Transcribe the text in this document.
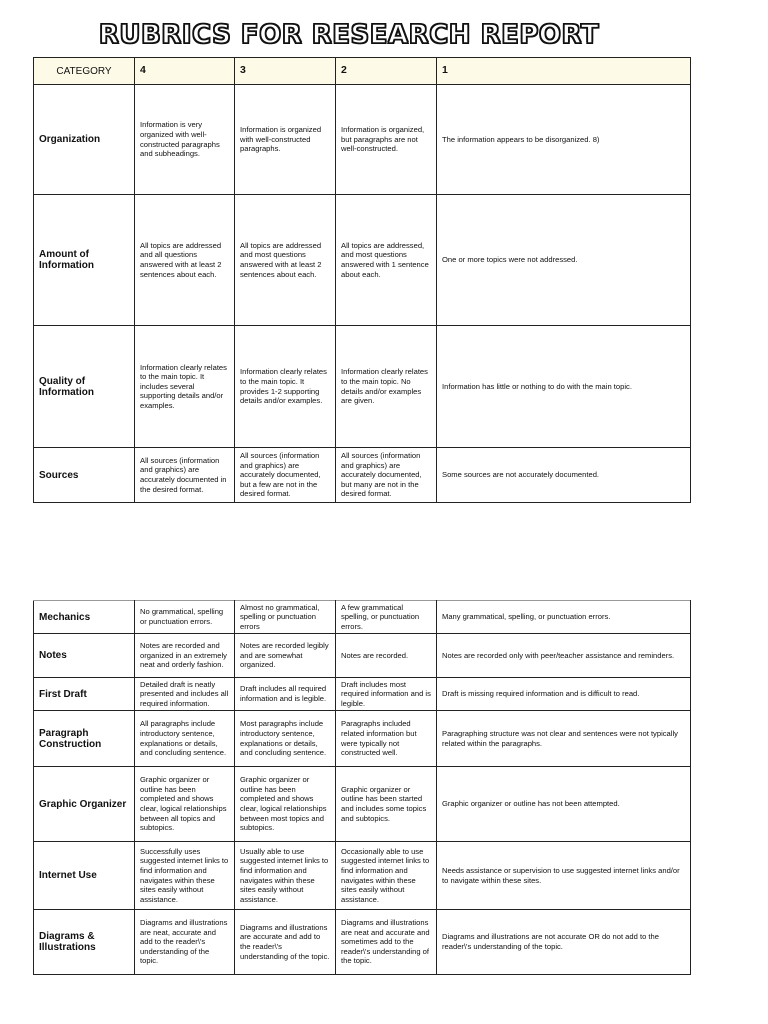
RUBRICS FOR RESEARCH REPORT
CATEGORY	4	3	2	1
Organization	Information is very organized with well-constructed paragraphs and subheadings.	Information is organized with well-constructed paragraphs.	Information is organized, but paragraphs are not well-constructed.	The information appears to be disorganized. 8)
Amount of Information	All topics are addressed and all questions answered with at least 2 sentences about each.	All topics are addressed and most questions answered with at least 2 sentences about each.	All topics are addressed, and most questions answered with 1 sentence about each.	One or more topics were not addressed.
Quality of Information	Information clearly relates to the main topic. It includes several supporting details and/or examples.	Information clearly relates to the main topic. It provides 1-2 supporting details and/or examples.	Information clearly relates to the main topic. No details and/or examples are given.	Information has little or nothing to do with the main topic.
Sources	All sources (information and graphics) are accurately documented in the desired format.	All sources (information and graphics) are accurately documented, but a few are not in the desired format.	All sources (information and graphics) are accurately documented, but many are not in the desired format.	Some sources are not accurately documented.
Mechanics	No grammatical, spelling or punctuation errors.	Almost no grammatical, spelling or punctuation errors	A few grammatical spelling, or punctuation errors.	Many grammatical, spelling, or punctuation errors.
Notes	Notes are recorded and organized in an extremely neat and orderly fashion.	Notes are recorded legibly and are somewhat organized.	Notes are recorded.	Notes are recorded only with peer/teacher assistance and reminders.
First Draft	Detailed draft is neatly presented and includes all required information.	Draft includes all required information and is legible.	Draft includes most required information and is legible.	Draft is missing required information and is difficult to read.
Paragraph Construction	All paragraphs include introductory sentence, explanations or details, and concluding sentence.	Most paragraphs include introductory sentence, explanations or details, and concluding sentence.	Paragraphs included related information but were typically not constructed well.	Paragraphing structure was not clear and sentences were not typically related within the paragraphs.
Graphic Organizer	Graphic organizer or outline has been completed and shows clear, logical relationships between all topics and subtopics.	Graphic organizer or outline has been completed and shows clear, logical relationships between most topics and subtopics.	Graphic organizer or outline has been started and includes some topics and subtopics.	Graphic organizer or outline has not been attempted.
Internet Use	Successfully uses suggested internet links to find information and navigates within these sites easily without assistance.	Usually able to use suggested internet links to find information and navigates within these sites easily without assistance.	Occasionally able to use suggested internet links to find information and navigates within these sites easily without assistance.	Needs assistance or supervision to use suggested internet links and/or to navigate within these sites.
Diagrams & Illustrations	Diagrams and illustrations are neat, accurate and add to the reader\'s understanding of the topic.	Diagrams and illustrations are accurate and add to the reader\'s understanding of the topic.	Diagrams and illustrations are neat and accurate and sometimes add to the reader\'s understanding of the topic.	Diagrams and illustrations are not accurate OR do not add to the reader\'s understanding of the topic.
